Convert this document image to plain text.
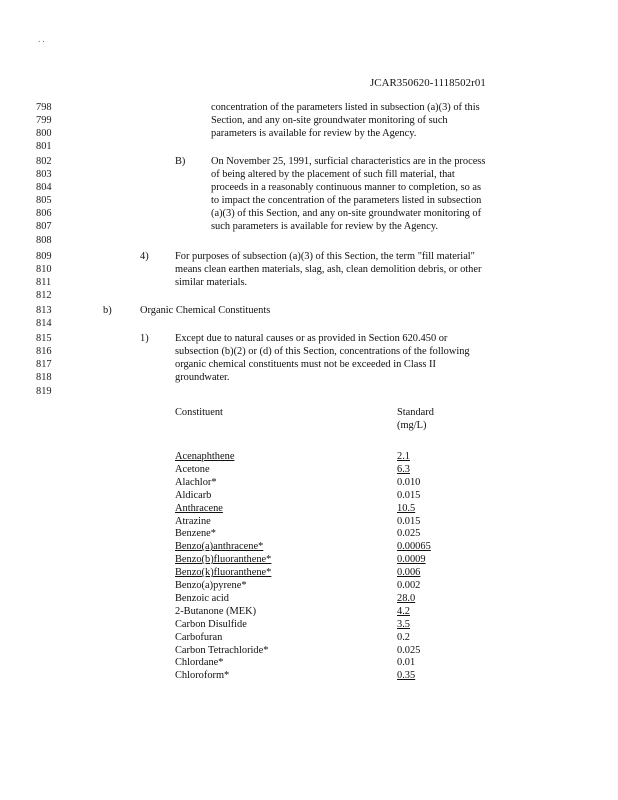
. .
JCAR350620-1118502r01
798
799
800
801
802
803
804
805
806
807
808
809
810
811
812
813
814
815
816
817
818
819
concentration of the parameters listed in subsection (a)(3) of this
Section, and any on-site groundwater monitoring of such
parameters is available for review by the Agency.
B) On November 25, 1991, surficial characteristics are in the process
of being altered by the placement of such fill material, that
proceeds in a reasonably continuous manner to completion, so as
to impact the concentration of the parameters listed in subsection
(a)(3) of this Section, and any on-site groundwater monitoring of
such parameters is available for review by the Agency.
4)	For purposes of subsection (a)(3) of this Section, the term "fill material"
means clean earthen materials, slag, ash, clean demolition debris, or other
similar materials.
b)	Organic Chemical Constituents
1)	Except due to natural causes or as provided in Section 620.450 or
subsection (b)(2) or (d) of this Section, concentrations of the following
organic chemical constituents must not be exceeded in Class II
groundwater.
Constituent	Standard
(mg/L)
Acenaphthene	2.1
Acetone	6.3
Alachlor*	0.010
Aldicarb	0.015
Anthracene	10.5
Atrazine	0.015
Benzene*	0.025
Benzo(a)anthracene*	0.00065
Benzo(b)fluoranthene*	0.0009
Benzo(k)fluoranthene*	0.006
Benzo(a)pyrene*	0.002
Benzoic acid	28.0
2-Butanone (MEK)	4.2
Carbon Disulfide	3.5
Carbofuran	0.2
Carbon Tetrachloride*	0.025
Chlordane*	0.01
Chloroform*	0.35
